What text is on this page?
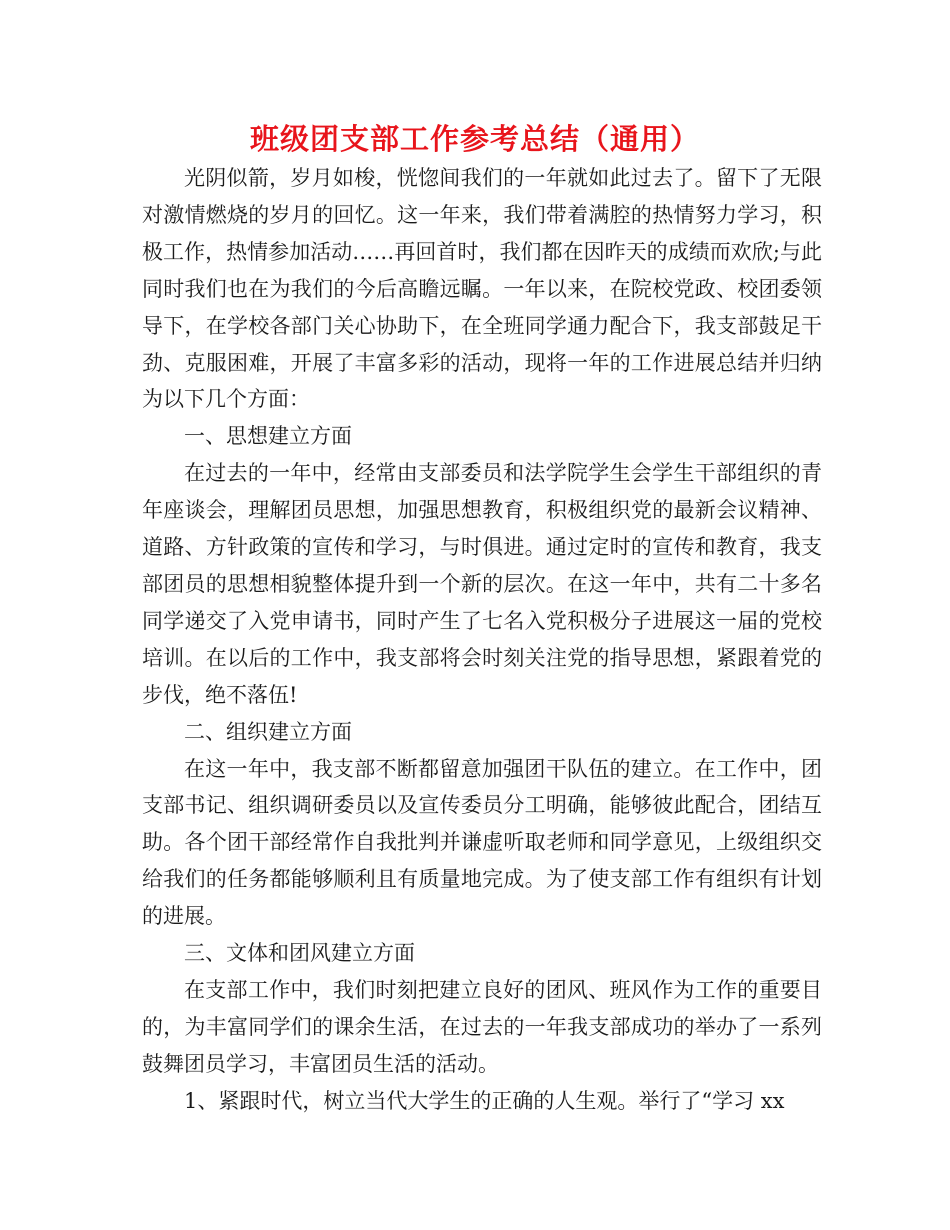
班级团支部工作参考总结（通用）

光阴似箭，岁月如梭，恍惚间我们的一年就如此过去了。留下了无限对激情燃烧的岁月的回忆。这一年来，我们带着满腔的热情努力学习，积极工作，热情参加活动……再回首时，我们都在因昨天的成绩而欢欣;与此同时我们也在为我们的今后高瞻远瞩。一年以来，在院校党政、校团委领导下，在学校各部门关心协助下，在全班同学通力配合下，我支部鼓足干劲、克服困难，开展了丰富多彩的活动，现将一年的工作进展总结并归纳为以下几个方面：

一、思想建立方面

在过去的一年中，经常由支部委员和法学院学生会学生干部组织的青年座谈会，理解团员思想，加强思想教育，积极组织党的最新会议精神、道路、方针政策的宣传和学习，与时俱进。通过定时的宣传和教育，我支部团员的思想相貌整体提升到一个新的层次。在这一年中，共有二十多名同学递交了入党申请书，同时产生了七名入党积极分子进展这一届的党校培训。在以后的工作中，我支部将会时刻关注党的指导思想，紧跟着党的步伐，绝不落伍!

二、组织建立方面

在这一年中，我支部不断都留意加强团干队伍的建立。在工作中，团支部书记、组织调研委员以及宣传委员分工明确，能够彼此配合，团结互助。各个团干部经常作自我批判并谦虚听取老师和同学意见，上级组织交给我们的任务都能够顺利且有质量地完成。为了使支部工作有组织有计划的进展。

三、文体和团风建立方面

在支部工作中，我们时刻把建立良好的团风、班风作为工作的重要目的，为丰富同学们的课余生活，在过去的一年我支部成功的举办了一系列鼓舞团员学习，丰富团员生活的活动。

1、紧跟时代，树立当代大学生的正确的人生观。举行了“学习 xx
